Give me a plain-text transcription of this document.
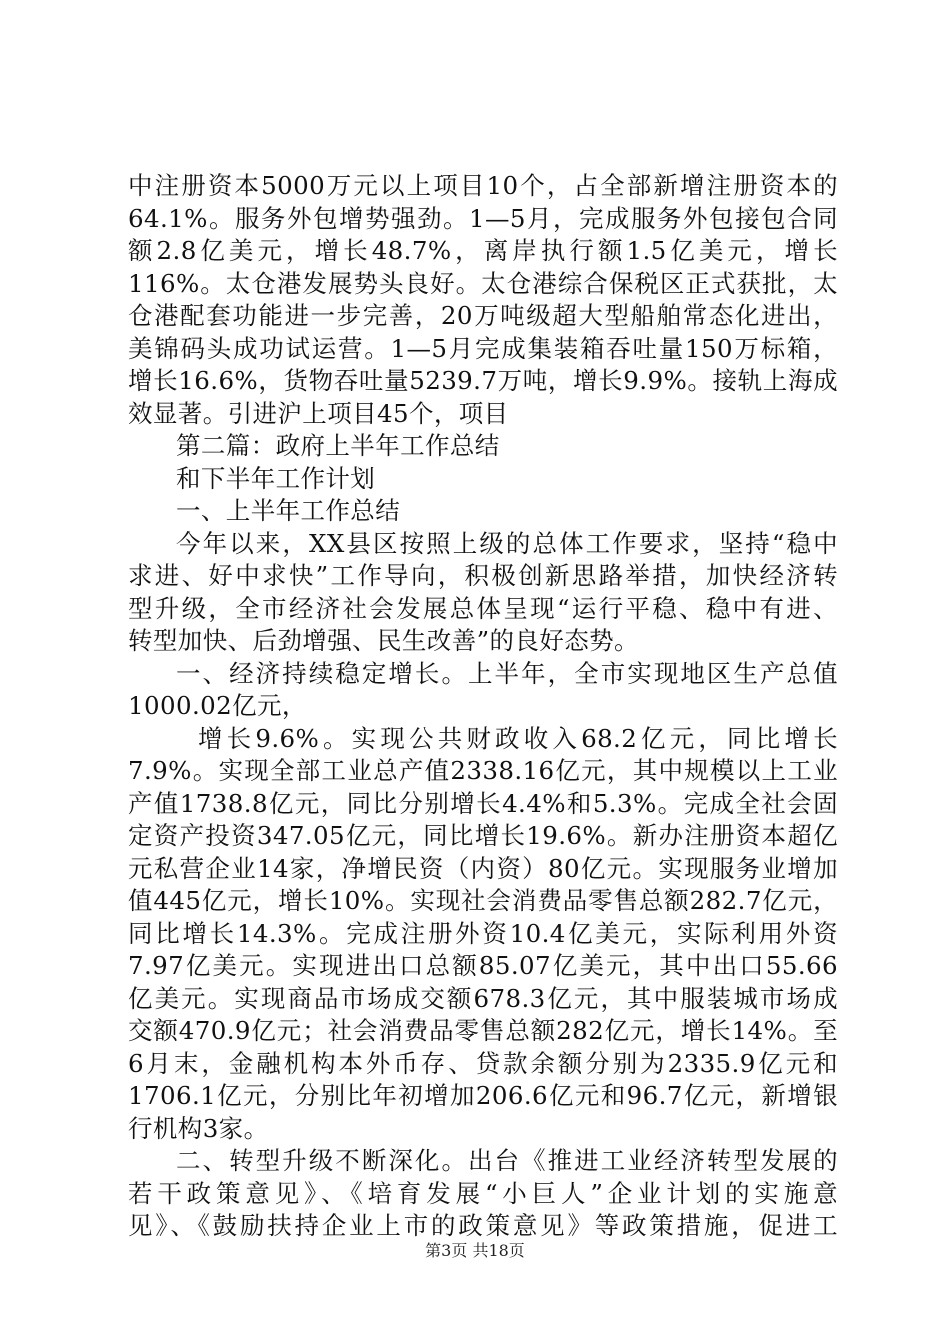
中注册资本5000万元以上项目10个，占全部新增注册资本的
64.1%。服务外包增势强劲。1—5月，完成服务外包接包合同
额2.8亿美元，增长48.7%，离岸执行额1.5亿美元，增长
116%。太仓港发展势头良好。太仓港综合保税区正式获批，太
仓港配套功能进一步完善，20万吨级超大型船舶常态化进出，
美锦码头成功试运营。1—5月完成集装箱吞吐量150万标箱，
增长16.6%，货物吞吐量5239.7万吨，增长9.9%。接轨上海成
效显著。引进沪上项目45个，项目
第二篇：政府上半年工作总结
和下半年工作计划
一、上半年工作总结
今年以来，XX县区按照上级的总体工作要求，坚持“稳中
求进、好中求快”工作导向，积极创新思路举措，加快经济转
型升级，全市经济社会发展总体呈现“运行平稳、稳中有进、
转型加快、后劲增强、民生改善”的良好态势。
一、经济持续稳定增长。上半年，全市实现地区生产总值
1000.02亿元，
增长9.6%。实现公共财政收入68.2亿元，同比增长
7.9%。实现全部工业总产值2338.16亿元，其中规模以上工业
产值1738.8亿元，同比分别增长4.4%和5.3%。完成全社会固
定资产投资347.05亿元，同比增长19.6%。新办注册资本超亿
元私营企业14家，净增民资（内资）80亿元。实现服务业增加
值445亿元，增长10%。实现社会消费品零售总额282.7亿元，
同比增长14.3%。完成注册外资10.4亿美元，实际利用外资
7.97亿美元。实现进出口总额85.07亿美元，其中出口55.66
亿美元。实现商品市场成交额678.3亿元，其中服装城市场成
交额470.9亿元；社会消费品零售总额282亿元，增长14%。至
6月末，金融机构本外币存、贷款余额分别为2335.9亿元和
1706.1亿元，分别比年初增加206.6亿元和96.7亿元，新增银
行机构3家。
二、转型升级不断深化。出台《推进工业经济转型发展的
若干政策意见》、《培育发展“小巨人”企业计划的实施意
见》、《鼓励扶持企业上市的政策意见》等政策措施，促进工
第3页 共18页
